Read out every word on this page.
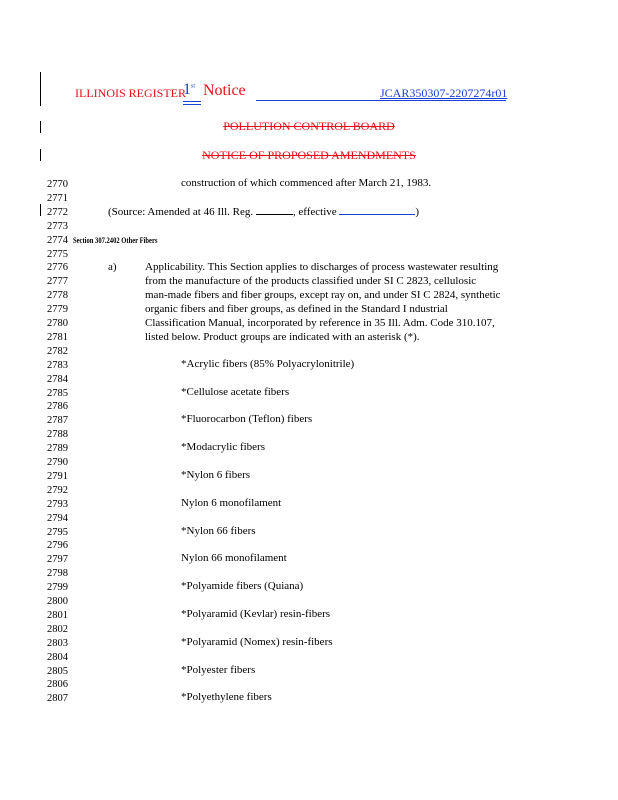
ILLINOIS REGISTER
1st Notice	JCAR350307-2207274r01
POLLUTION CONTROL BOARD
NOTICE OF PROPOSED AMENDMENTS
2770
2771
2772
2773
2774
2775
2776
2777
2778
2779
2780
2781
2782
2783
2784
2785
2786
2787
2788
2789
2790
2791
2792
2793
2794
2795
2796
2797
2798
2799
2800
2801
2802
2803
2804
2805
2806
2807
construction of which commenced after March 21, 1983.
(Source: Amended at 46 Ill. Reg.	, effective	)
Section 307.2402 Other Fibers
a)	Applicability. This Section applies to discharges of process wastewater resulting
from the manufacture of the products classified under SI C 2823, cellulosic
man-made fibers and fiber groups, except ray on, and under SI C 2824, synthetic
organic fibers and fiber groups, as defined in the Standard I ndustrial
Classification Manual, incorporated by reference in 35 Ill. Adm. Code 310.107,
listed below. Product groups are indicated with an asterisk (*).
*Acrylic fibers (85% Polyacrylonitrile)
*Cellulose acetate fibers
*Fluorocarbon (Teflon) fibers
*Modacrylic fibers
*Nylon 6 fibers
Nylon 6 monofilament
*Nylon 66 fibers
Nylon 66 monofilament
*Polyamide fibers (Quiana)
*Polyaramid (Kevlar) resin-fibers
*Polyaramid (Nomex) resin-fibers
*Polyester fibers
*Polyethylene fibers
